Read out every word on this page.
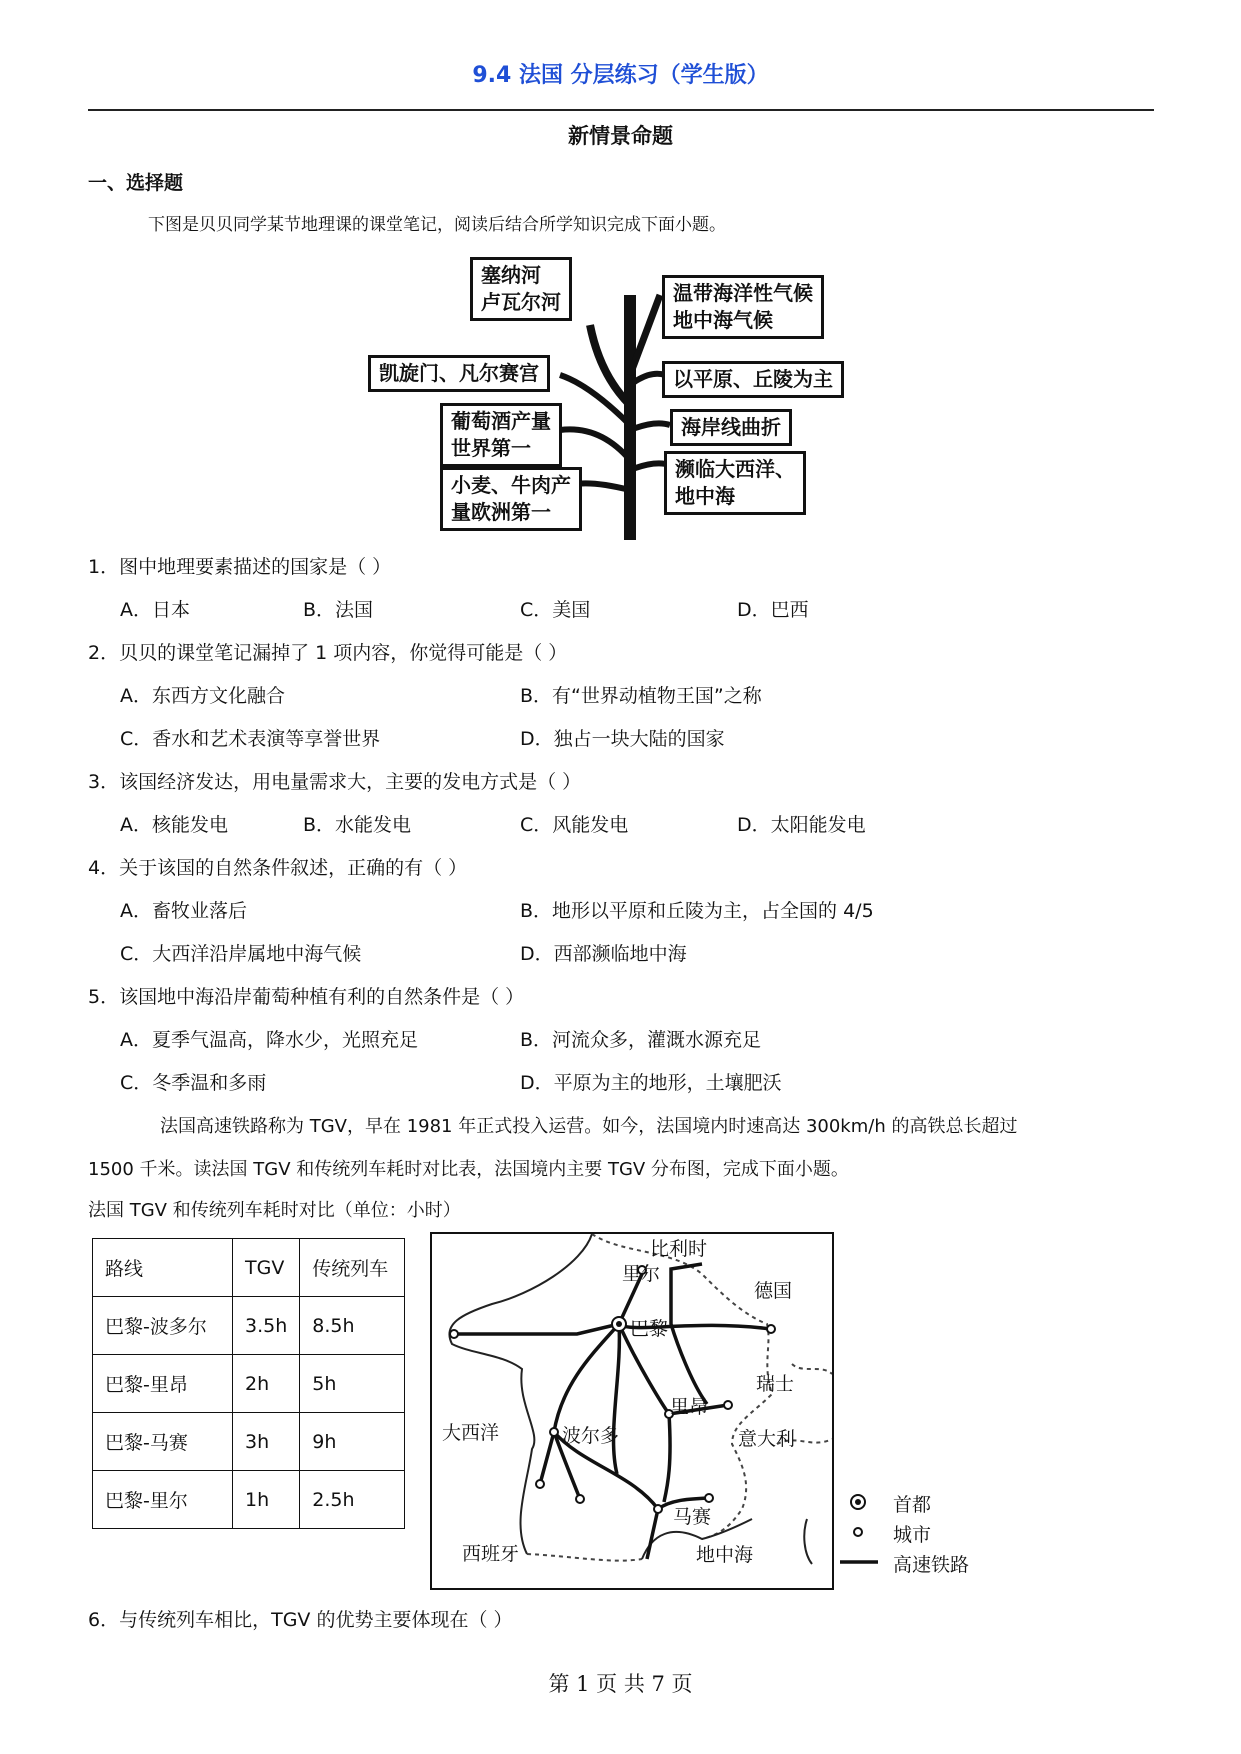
9.4 法国 分层练习（学生版）
新情景命题
一、选择题
下图是贝贝同学某节地理课的课堂笔记，阅读后结合所学知识完成下面小题。
塞纳河
卢瓦尔河
凯旋门、凡尔赛宫
葡萄酒产量
世界第一
小麦、牛肉产
量欧洲第一
温带海洋性气候
地中海气候
以平原、丘陵为主
海岸线曲折
濒临大西洋、
地中海
1．图中地理要素描述的国家是（ ）
A．日本	B．法国	C．美国	D．巴西
2．贝贝的课堂笔记漏掉了 1 项内容，你觉得可能是（ ）
A．东西方文化融合	B．有“世界动植物王国”之称
C．香水和艺术表演等享誉世界	D．独占一块大陆的国家
3．该国经济发达，用电量需求大，主要的发电方式是（ ）
A．核能发电	B．水能发电	C．风能发电	D．太阳能发电
4．关于该国的自然条件叙述，正确的有（ ）
A．畜牧业落后	B．地形以平原和丘陵为主，占全国的 4/5
C．大西洋沿岸属地中海气候	D．西部濒临地中海
5．该国地中海沿岸葡萄种植有利的自然条件是（ ）
A．夏季气温高，降水少，光照充足	B．河流众多，灌溉水源充足
C．冬季温和多雨	D．平原为主的地形，土壤肥沃
法国高速铁路称为 TGV，早在 1981 年正式投入运营。如今，法国境内时速高达 300km/h 的高铁总长超过
1500 千米。读法国 TGV 和传统列车耗时对比表，法国境内主要 TGV 分布图，完成下面小题。
法国 TGV 和传统列车耗时对比（单位：小时）
路线	TGV	传统列车
巴黎-波多尔	3.5h	8.5h
巴黎-里昂	2h	5h
巴黎-马赛	3h	9h
巴黎-里尔	1h	2.5h
比利时
里尔
德国
巴黎
瑞士
里昂
大西洋	波尔多	意大利
马赛
西班牙	地中海
首都
城市
高速铁路
6．与传统列车相比，TGV 的优势主要体现在（ ）
第 1 页 共 7 页
